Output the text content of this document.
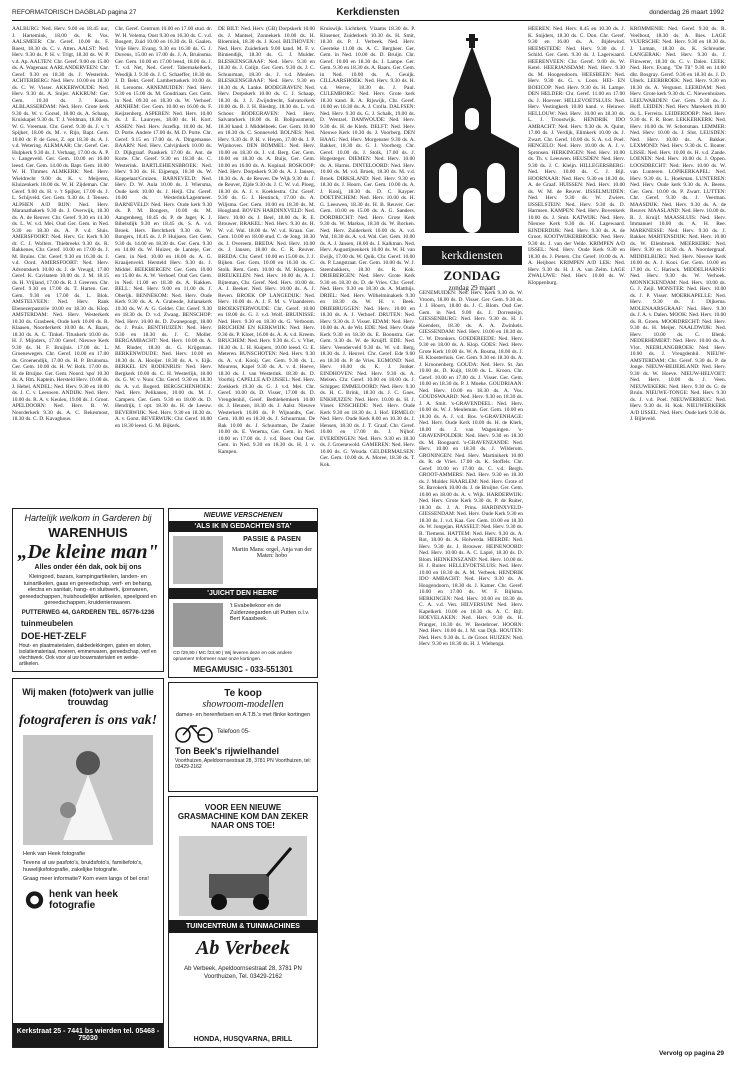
REFORMATORISCH DAGBLAD pagina 27	Kerkdiensten	donderdag 26 maart 1992

AALBURG: Ned. Herv. 9.00 en 18.45 uur, J. Hartemink, 18.00 ds. R. Vos. AALSMEER: Chr. Geref. 10.00 ds. F. Roest, 18.30 ds. C. v. Atten. AALST: Ned. Herv. 9.30 ds. P. H. v. Trigt, 18.30 ds. W. P. v.d. Ap. AALTEN: Chr. Geref. 9.00 en 15.00 ds. A. Wagenaar. AARLANDERVEEN: Chr. Geref. 9.30 en 18.30 ds. J. Westerink. ACHTERBERG: Ned. Herv. 10.00 en 18.30 ds. C. W. Visser. AKKERWOUDE: Ned. Herv. 9.30 ds. A. Snijer. AKKRUM: Ger. Gem. 10.30 ds. J. Kuera. ALBLASSERDAM: Ned. Herv. Grote kerk 9.30 ds. W. v. Gorsel, 18.00 ds. A. Schaap, Kruiskapel 9.30 ds. T. J. Veldman, 18.00 ds. W. G. Vreeman. Chr. Geref. 9.30 ds. J. v. 't Spijker, 18.00 ds. M. v. Rijn, Bapt. Gem. 10.00 dr. P. de Geus, Z. opt 18.30 ds. A. J. v.d. Wetering. ALKMAAR: Chr. Geref. Ger. Hulpkerk 9.30 ds. J. Verhaag, 17.00 ds. A. P. v. Langeveld. Ger. Gem. 10.00 en 16.00 leesd. Ger. Gem. 14.00 ds. Bapt. Gem. 10.00 W. H. Timmer. ALMKERK: Ned. Herv. Wieldrecht 9.00 ds. K. v. Meijeren, Kluizenkerk 18.00 ds. W. H. Zijdeman. Chr. Geref. 9.00 ds. H. v. 't Spijker, 17.00 ds. J. L. Schijveld. Ger. Gem. 9.30 ds. J. Tensen. ALPHEN A/D RIJN: Ned. Herv. Maranathakerk 9.30 ds. J. Overwijk, 18.30 ds. A. de Reuver. Chr. Geref. 9.30 en 14.30 ds. L. W. v.d. Mei. Oud Ger. Gem. in Ned. 9.30 en 18.30 ds. A. P. v.d. Sluis. AMERSFOORT: Ned. Herv. Gr. Kerk 9.30 dr. C. J. Wolters. Thiebreeks 9.30 ds. R. Bakkenes, Chr. Geref. 10.00 en 17.00 ds. J. M. Bruins. Chr. Geref. 9.30 en 16.30 ds. J. v.d. Oord. AMERSFOORT: Ned. Herv. Adventskerk 10.00 ds. J. de Vreugd, 17.00 Geref. K. Cavitatem 10.00 ds. J. M. 18.15 ds. H. Vrijland, 17.00 ds. R. J. Greeven. Chr. Geref. 9.30 en 17.00 ds. T. Harten. Ger. Gem. 9.30 en 17.00 ds. L. Blok. AMSTELVEEN: Ned. Herv. Rank Ebenezerpastorie 10.00 en 18.30 ds. Klop. AMSTERDAM: Ned. Herv. Westerkerk 10.30 ds. Grasbeek, Oude kerk 10.00 ds. R. Klaasen, Noorderkerk 10.00 ds. A. Baars, 18.30 ds. A. C. Tinkel. Tituskerk 10.00 ds. H. J. Mijnders, 17.00 Geref. Nieuwe Kerk 9.30 ds. H. F. Bruijnis. 17.00 ds. L. Groenewegen. Chr. Geref. 10.00 en 17.00 ds. Groenendijk, 17.00 ds. H. P. Bruinsma. Ger. Gem. 10.00 ds. H. W. Bolk. 17.00 ds. H. de Bruijne. Ger. Gem. Noord. 'spo' 10.30 ds. A. Hm. Kaptein. Hersteld Herv. 10.00 ds. J. Hebel. ANDEL: Ned. Herv. 9.30 en 18.00 ds. J. C. v. Leeuwen. ANDIJK: Ned. Herv. 10.00 ds. R. A. v. Keulen, 19.00 ds. J. Groot. APELDOORN: Ned. Herv. B. W. Noorderkerk 9.30 ds. A. C. Bekesmost, 18.30 ds. C. D. Kavaghous.

Chr. Geref. Centrum 10.00 en 17.00 stud. dr. W. H. Velema, Oost 9.30 en 16.30 ds. C. v.d. Bosgert, Zuid 10.00 en 16.30 ds. B. Gaalen. Vrije Herv. Evang. 9.30 en 16.30 ds. G. J. Duvens, 15.00 en 17.00 ds. J. A. Bruinsma. Ger. Gem. 10.00 en 17.00 leesd, 18.00 ds. J. T. v.d. Net, Ned. Geref. Tabernakelkerk, Wesdijk J. 9.30 ds. J. C. Schaeffer, 18.30 ds. J. D. Bekt. Geref. Lambertuskerk 10.00 ds. H. Lerooms. ARNEMUIDEN: Ned. Herv. 9.30 en 15.00 ds. M. Goudriaan. Ger. Gem. in Ned. 09.30 en 18.30 ds. W. Verhoef. ARNHEM: Ger. Gem. 10.00 en 16.00 ds. F. Keijzenberg. ASPEREN: Ned. Herv. 10.00 ds. J. E. Laureyes, 18.00 ds. H. Kort. ASSEN: Ned. Herv. Jozefkp. 10.00 ds. M. D. Porte. Andere 17.00 ds. M. D. Porte. Chr. Geref. 9.15 en 17.00 ds. A. Dingemanse. BAARN: Ned. Herv. Calvijnkerk 10.00 ds. D. Dijkgraaf. Paaskerk 17.00 ds. Ant. de Korte. Chr. Geref. 9.30 en 18.30 ds. C. Westerink. BARTLEHIENSBROEK: Ned. Herv. 9.30 ds. H. Eijpenga, 18.30 ds. W. Koppelaar/Gruizen. BARNEVELD: Ned. Herv. D. W. Aula 10.00 ds. J. Wiersma, Oude kerk 10.00 ds. J. Heijl. Chr. Geref. 10.00 ds. Westerink/Lagenmeer. BARNEVELD: Ned. Herv. Oude kerk 9.30 ds. P. M. Bongers, 10.00 ds. M. Aangenheeg, 18.45 ds. P. de Jager, K. J. Bibelsdijk 9.30 en 18.45 ds. S. A. v.d. Broek. Herv. Berchtkerk 9.30 ds. W. Bongers, 18.45 ds. J. P. Huijsers. Ger. Gem. 9.30 ds. 14.00 en 18.30 ds. Ger. Gem. 9.30 en 14.00 ds. W. Huizer, de Lanteje, Ger. Gem. in Ned. 10.00 en 18.00 ds. A. G. Kraaijenveld. Hersteld Herv. 9.30 ds. J. Middel. BEEKBERGEN: Ger. Gem. 10.00 en 15.00 ds. A. W. Verhoef. Oud Ger. Gem. in Ned. 11.00 en 18.30 ds. A. Kakken. BELL: Ned. Herv. 9.00 en 11.00 ds. J. Oberijk. BENNEKOM: Ned. Herv. Oude Kerk 9.30 ds. A. A. Grabesde, Julianakerk 10.30 ds. W. A. G. Gelder. Chr. Geref. 9.30 en 18.30 ds. D. v.d. Zwaag. BENSCHOP: Ned. Herv. 10.00 ds. D. Zwanepoogt, 18.00 ds. J. Pruis. BENTHUIZEN: Ned. Herv. 9.30 en 18.30 ds. J. C. Moller. BERGAMBACHT: Ned. Herv. 10.00 ds. A. M. Rinder, 18.30 ds. G. Krijgsman. BERKENWOUDE: Ned. Herv. 10.00 en 18.30 ds. A. Hooijer. 18.30 ds. A. v. Eijk. BERKEL EN RODENRIJS: Ned. Herv. Bergkerk 10.00 ds. C. H. Westerlijk, 18.00 ds. G. W. v. Nuur. Chr. Geref. 9.30 en 18.30 ds. A. v.d. Bogerd. BERGSCHENHOEK: Ned. Herv. Pelikanen, 10.00 ds. M. J. Campers. Ger. Gem. 9.30 en 18.00 ds. D. Hendrijk, 1 opt. 18.30 ds. H. de Leeuw. BEVERWIJK: Ned. Herv. 9.30 en 18.30 ds. A. v. Gorst. BEVERWIJK: Chr. Geref. 10.00 en 18.30 leesd. G. M. Bijkerk.

DE BILT: Ned. Herv. (GB) Dorpskerk 10.00 ds. J. Mantsel, Zonnekerk 10.00 ds. H. Bloemink, 18.30 ds. J. Kool. BILTHOVEN: Ned. Herv. Zuiderkerk 9.00 kand. M. F. v. Binnendijk, 18.30 ds. G. J. Mulder. BLESKENSGRAAF: Ned. Herv. 9.30 en 18.30 ds. J. Colijn. Ger. Gem. 9.30 ds. J. C. Schuurman, 18.30 ds. J. v.d. Meulen. BLESKENSGRAAF: Ned. Herv. 9.30 en 18.30 ds. A. Lanke. BODEGRAVEN: Ned. Herv. Dorpskerk 10.00 ds. C. J. Schaap, 18.30 ds. J. J. Zwijndrecht, Salvatorkerk 10.00 ds. B. J. H. Biesbrg. 18.30 ds. L. v.d. Schoor. BODEGRAVEN: Ned. Herv. Salvatorkerk 18.00 ds. B. Bolijnsumend, 18.30 kand. J. Middelbeek. Ger. Gem. 10.00 en 18.30 ds. C. Sonneveld. BOLNES: Ned. Herv. 9.30 ds. P. H. v. Heyen, 17.00 ds. J. P. Wijnhoven. DEN BOMMEL: Ned. Herv. 10.00 en 18.30 ds. J. v.d. Berg. Ger. Gem. 10.00 en 18.30 ds. A. Buijs, Ger. Gem. 10.00 en 16.00 ds. A. Kopinal. BOSKOOP: Ned. Herv. Dorpskerk 9.30 ds. A. J. Jansen, 18.30 ds. A. de Reuver. De Wijk 9.30 ds. J. de Reuver, Zijde 9.30 ds. J. C. W. v.d. Ploeg, 18.30 ds. A. J. v. Koeklestra. Chr. Geref. 9.30 ds. G. J. Heutinck, 17.00 ds. A. Wiljsma. Ger. Gem. 10.00 en 18.30 ds. M. Hoogland. BOVEN HARDINXVELD: Ned. Herv. 10.00 ds. J. Beel, 18.00 ds. R. E. Brouwer. BRAKEL: Ned. Herv. 9.30 ds. H. W. v.d. Wal. 18.00 ds. W. v.d. Kraan. Ger. Gem. 10.00 en 18.00 stud. C. de Jong. 18.30 ds. J. Overeem. BREDA: Ned. Herv. 10.00 ds. J. Jansen, 18.00 ds. C. R. Reuver. BREDA: Chr. Geref. 10.00 en 15.00 ds. J. J. Rijken. Ger. Gem. 10.00 en 16.30 ds. C. Stolk. Rem. Gem. 10.00 ds. M. Kloppers. BREUKELEN: Ned. Herv. 10.00 ds. A. J. Bijteman, Chr. Geref. Ned. Herv. 10.00 ds. A. J. Beeker. Ned. Herv. 10.00 ds. A. J. Reven. BROEK OP LANGEDIJK: Ned. Herv. 10.00 ds. A. J. F. M. v. Vlaanderen. BROEKSTERWOUDE: Chr. Geref. 10.00 en 18.00 ds. G. J. v.d. Wolf. BRUINISSE: Ned. Herv. 9.30 en 18.30 ds. G. Verboom. BRUCHEM EN KERKWIJK: Ned. Herv. 9.30 ds. P. Kloet, 16.00 ds. A. A. v.d. Kreem. BRUCHEM: Ned. Herv. 9.30 ds. C. v. Vliet, 18.30 ds. L. H. Kuipers, 10.00 leesd. G. E. Meteren. BUNSCHOTEN: Ned. Herv. 9.30 ds. A. v.d. Kooij. Ger. Gem. 9.30 ds. L. Mourens, Kapel 9.30 ds. A. v. d. Hoeve, 18.30 ds. J. van Westerink. 18.30 ds. D. Voorbij. CAPELLE A/D IJSSEL: Ned. Herv. Zoekkerk 19.30 ds. G. J. v.d. Mei. Chr. Geref. 10.00 ds. D. Visser, 17.00 ds. D. Vreugdenhil, Geref. Bethlehemkerk 10.00 ds. J. Heunen, 18.30 ds. J. Aalst. Nieuwe Westerkerk 10.00 ds. P. Wijnandts, Ger. Gem. 10.00 en 18.30 ds. J. Schuurman. De Bak 10.00 ds. J. Schuurman, De Zaaier 10.00 ds. E. Venema, Ger. Gem. in Ned. 10.00 en 17.00 ds. J. v.d. Boer. Oud Ger. Gem. in Ned. 9.30 en 18.30 ds. H. J. v. Kampen.

Kruiswijk. Lichtkerk. Vlaams 18.30 ds. P. Klusener, Zuiderkerk 10.30 ds. H. Smit, 18.30 ds. P. J. Verbeek. Ned. Herv. Geerteke 11.00 ds. A. C. Bergheer. Ger. Gem. in Ned. 10.00 ds. D. Bruijn. Chr. Geref. 10.00 en 18.30 ds. J. Lampe. Ger. Gem. 9.30 en 18.30 ds. A. Baars. Ger. Gem. in Ned. 10.00 ds. A. Geuijk. CILLAARSHOEK: Ned. Herv. 9.30 ds. H. v.d. Werve, 18.30 ds. J. Paul. CULEMBORG: Ned. Herv. Grote kerk 18.30 kand. R. A. Rijswijk, Chr. Geref. 10.00 en 16.30 ds. A. J. Crolla. DALFSEN: Ned. Herv. 9.30 ds. G. J. Schalk, 19.00 ds. D. Wentzel. DAMWOUDE: Ned. Herv. 9.30 ds. H. de Klerk. DELFT: Ned. Herv. Nieuwe Kerk 10.30 ds. J. Voorberg. DEN HAAG: Ned. Herv. Morgenster 9.30 ds. A. Bakker, 18.30 ds. G. J. Voorberg. Chr. Geref. 10.00 ds. J. Stolk, 17.00 ds. J. Hogesteger. DIEMEN: Ned. Herv. 10.00 ds. A. Harms. DINTELOORD: Ned. Herv. 10.00 ds. M. v.d. Broek, 18.30 ds. M. v.d. Broek. DIRKSLAND: Ned. Herv. 9.30 en 18.30 ds. J. Hoorn. Ger. Gem. 10.00 ds. A. J. Kooij, 18.30 ds. D. C. Kayper. DOETINCHEM: Ned. Herv. 10.00 ds. H. G. Leeuwen, 18.30 ds. H. B. Reuver. Ger. Gem. 10.00 en 15.00 ds. A. G. Sanders. DORDRECHT: Ned. Herv. Grote Kerk 9.30 ds. W. Markus, 18.30 ds. W. Bocken. Ned. Herv. Zuiderkerk 10.00 ds. A. v.d. Wal, 18.30 ds. A. v.d. Wal. Ger. Gem. 10.00 ds. A. J. Jansen, 18.00 ds. J. Kalkman. Ned. Herv. Augustijnenkerk 10.00 ds. W. H. van Ewijk, 17.00 ds. W. Quik. Chr. Geref. 10.00 ds. P. Langstraat. Ger. Gem. 10.00 ds. W. J. Steenbakkers, 18.30 ds. R. Kok. DRIEBERGEN: Ned. Herv. Grote Kerk 9.30 en 18.30 ds. D. de Vries. Chr. Geref. Ned. Herv. 9.30 en 18.30 ds. A. Matthijs. DRIEL: Ned. Herv. Wilhelminakerk 9.30 en 18.30 ds. W. H. v. Beek. DRIEBRUGGEN: Ned. Herv. 10.00 en 18.30 ds. A. J. Verhoef. DRUTEN: Ned. Herv. 9.30 ds. J. Visser. EDAM: Ned. Herv. 10.00 ds. A. de Wit. EDE: Ned. Herv. Oude Kerk 9.30 en 18.30 ds. E. Boonstra. Ger. Gem. 9.30 ds. W. de Kruijff. EDE: Ned. Herv. Veenderveld 9.30 ds. W. v.d. Berg, 18.30 ds. J. Heuvel. Chr. Geref. Ede 9.00 en 18.30 ds. P. de Vries. EGMOND: Ned. Herv. 10.00 ds. K. J. Jonker. EINDHOVEN: Ned. Herv. 9.30 ds. A. Melsen. Chr. Geref. 10.00 en 18.00 ds. J. Schipper. EMMELOORD: Ned. Herv. 9.30 ds. H. C. Brink, 18.30 ds. J. C. Goes. ENKHUIZEN: Ned. Herv. 10.00 ds. H. J. Visser. ENSCHEDE: Ned. Herv. Oude Kerk 9.30 en 18.30 ds. J. Hof. ERMELO: Ned. Herv. Oude Kerk 8.00 en 10.30 ds. J. Hensen, 18.30 ds. J. T. Graaf. Chr. Geref. 10.00 en 17.00 ds. J. Nijhof. EVERDINGEN: Ned. Herv. 9.30 en 18.30 ds. J. Groenewold. GAMEREN: Ned. Herv. 10.00 ds. G. Wouda. GELDERMALSEN: Ger. Gem. 10.00 ds. A. Moree, 18.30 ds. T. Kok.

kerkdiensten
ZONDAG
zondag 29 maart

GENEMUIDEN: Ned. Herv. Kerk 9.30 ds. W. Vroom, 18.00 ds. D. Visser. Ger. Gem. 9.30 ds. J. J. Hoorn, 18.00 ds. J. C. Blom. Oud Ger. Gem. in Ned. 9.00 ds. J. Dorresteijn. GIESSENBURG: Ned. Herv. 9.30 ds. H. J. Koenders, 18.30 ds. A. A. Zwinkels. GIESSENDAM: Ned. Herv. 10.00 en 18.30 ds. C. W. Dronkers. GOEDEREEDE: Ned. Herv. 9.30 en 18.00 ds. A. Klop. GOES: Ned. Herv. Grote Kerk 10.00 ds. W. A. Bosma, 18.00 ds. J. H. Kloosterhuis. Ger. Gem. 9.30 en 18.30 ds. A. J. Kroonenberg. GOUDA: Ned. Herv. St. Jan 10.00 ds. D. Kuijt, 18.00 ds. L. Kroon. Chr. Geref. 10.00 en 17.00 ds. J. Visser. Ger. Gem. 10.00 en 18.30 ds. P. J. Moeke. GOUDRIAAN: Ned. Herv. 10.00 en 18.30 ds. A. Vos. GOUDSWAARD: Ned. Herv. 9.30 en 18.30 ds. J. A. Smit. 's-GRAVENDEEL: Ned. Herv. 10.00 ds. W. J. Meuleman. Ger. Gem. 10.00 en 18.30 ds. A. J. v.d. Bos. 's-GRAVENHAGE: Ned. Herv. Oude Kerk 10.00 ds. H. de Klerk, 18.00 ds. J. van Wageningen. 's-GRAVENPOLDER: Ned. Herv. 9.30 en 18.30 ds. M. Boogaard. 's-GRAVENZANDE: Ned. Herv. 10.00 en 18.30 ds. J. Wilderom. GRONINGEN: Ned. Herv. Martinikerk 10.00 ds. R. de Vries. 17.00 ds. K. Stoffels. Chr. Geref. 10.00 en 17.00 ds. C. v.d. Bergh. GROOT-AMMERS: Ned. Herv. 9.30 en 18.30 ds. J. Mulder. HAARLEM: Ned. Herv. Grote of St. Bavokerk 10.00 ds. J. de Bruijne. Ger. Gem. 10.00 en 18.00 ds. A. v. Wijk. HARDERWIJK: Ned. Herv. Grote Kerk 9.30 ds. P. de Ruiter, 18.30 ds. J. A. Prins. HARDINXVELD-GIESSENDAM: Ned. Herv. Oude Kerk 9.30 en 18.30 ds. J. v.d. Kaa. Ger. Gem. 10.00 en 18.30 ds. W. Jongejan. HASSELT: Ned. Herv. 9.30 ds. R. Tiemens. HATTEM: Ned. Herv. 9.30 ds. A. Rot, 18.00 ds. A. Holwerda. HEERDE: Ned. Herv. 9.30 ds. J. Brouwer. HEINENOORD: Ned. Herv. 10.00 ds. A. C. Lapré, 18.30 ds. D. Blom. HEINKENSZAND: Ned. Herv. 10.00 ds. H. J. Ruiter. HELLEVOETSLUIS: Ned. Herv. 10.00 en 18.30 ds. A. M. Verbeek. HENDRIK IDO AMBACHT: Ned. Herv. 9.30 ds. A. Hoogendoorn, 18.30 ds. J. Kamer. Chr. Geref. 10.00 en 17.00 ds. W. F. Bijlsma. HERKINGEN: Ned. Herv. 10.00 en 18.30 ds. C. A. v.d. Ven. HILVERSUM: Ned. Herv. Kapelkerk 10.00 en 18.30 ds. A. C. Bijl. HOEVELAKEN: Ned. Herv. 9.30 ds. H. Pranger, 18.30 ds. W. Bestebroer. HOORN: Ned. Herv. 10.00 ds. J. M. van Dijk. HOUTEN: Ned. Herv. 9.30 ds. L. de Groot. HUIZEN: Ned. Herv. 9.30 en 18.30 ds. H. J. Wiebenga.

HEEREN: Ned. Herv. 8.45 en 10.30 ds. J. K. Snijders, 18.30 ds. C. Don. Chr. Geref. 9.30 en 16.00 ds. A. Bijdewind. HEEMSTEDE: Ned. Herv. 9.30 ds. J. Schild. Ger. Gem. 9.30 ds. J. Lagerwaard. HEERENVEEN: Chr. Geref. 9.00 ds. W. Ketel. HEERJANSDAM: Ned. Herv. 9.30 ds. M. Hoogendoorn. HEESBEEN: Ned. Herv. 9.30 ds. G. v. Loon. HEI- EN BOEICOP: Ned. Herv. 9.30 ds. H. Lampe. DEN HELDER: Chr. Geref. 11.00 en 17.00 ds. J. Hoeveer. HELLEVOETSLUIS: Ned. Herv. Vestingkerk 10.00 kand. v. Heiuwe. HELLOUW: Ned. Herv. 10.00 en 18.30 ds. L. J. Troostwijk. HENDRIK IDO AMBACHT: Ned. Herv. 9.30 ds. A. Quint, 17.00 ds. J. Verdijk, Elimkerk 10.00 ds. J. Zwart. Chr. Geref. 10.00 ds. S. A. v.d. Poel. HENGELO: Ned. Herv. 10.00 ds. A. J. v. Spronsen. HERKINGEN: Ned. Herv. 10.00 ds. Th. v. Leeuwen. HEUSDEN: Ned. Herv. 9.30 ds. J. C. Kleijn. HILLEGERSBERG: Ned. Herv. 10.00 ds. C. J. Bijl. HOORNAAR: Ned. Herv. 9.30 en 18.30 ds. A. de Graaf. HUISSEN: Ned. Herv. 10.00 ds. W. M. de Reuver. IJSSELMUIDEN: Ned. Herv. 9.30 ds. W. Zwiers. IJSSELSTEIN: Ned. Herv. 9.30 ds. D. Harmsen. KAMPEN: Ned. Herv. Bovenkerk 10.00 ds. J. Smit. KATWIJK: Ned. Herv. Nieuwe Kerk 9.30 ds. H. Lagewaard. KINDERDIJK: Ned. Herv. 9.30 ds. A. de Groot. KOOTWIJKERBROEK: Ned. Herv. 9.30 ds. J. van der Velde. KRIMPEN A/D IJSSEL: Ned. Herv. Oude Kerk 9.30 en 18.30 ds. J. Pieters. Chr. Geref. 10.00 ds. A. A. Heijboer. KRIMPEN A/D LEK: Ned. Herv. 9.30 ds. H. J. A. van Zelm. LAGE ZWALUWE: Ned. Herv. 10.00 ds. W. Kloppenburg.

KROMMENIE: Ned. Geref. 9.30 ds. R. Veelbout, 18.30 ds. A. Bies. LAGE VUURSCHE: Ned. Herv. 9.30 en 18.30 ds. J. Loman, 18.30 ds. K. Schreuder. LANGERAK: Ned. Herv. 9.30 ds. J. Flinwerer, 18.30 ds. C. v. Dalen. LEEK: Ned. Herv. Evang. "De Til" 9.30 en 14.00 dhr. Bosgray. Geref. 9.30 en 18.30 ds. J. D. Uiterk. LEERBROEK: Ned. Herv. 9.30 en 18.30 ds. A. Vergunst. LEERDAM: Ned. Herv. Grote kerk 9.30 ds. C. Niewenhuizen. LEEUWARDEN: Ger. Gem. 9.30 ds. J. Hoff. LEIDEN: Ned. Herv. Marekerk 10.00 ds. L. Ferreira. LEIDERDORP: Ned. Herv. 9.30 ds. F. R. Boer. LEKKERKERK: Ned. Herv. 10.00 ds. W. Schotsman. LEMMER: Ned. Herv. 10.00 ds. J. Slot. LEUSDEN: Ned. Herv. 10.00 ds. A. Bakker. LEXMOND: Ned. Herv. 9.30 ds. C. Bouter. LISSE: Ned. Herv. 10.00 ds. H. v.d. Zande. LOENEN: Ned. Herv. 10.00 ds. J. Oppen. LOOSDRECHT: Ned. Herv. 10.00 ds. W. van Lunteren. LOPIKERKAPEL: Ned. Herv. 9.30 ds. L. Hoekman. LUNTEREN: Ned. Herv. Oude kerk 9.30 ds. A. Beens. Ger. Gem. 10.00 ds. P. Zwart. LUTTEN: Chr. Geref. 9.30 ds. J. Veerman. MAASDIJK: Ned. Herv. 9.30 ds. A. de Reuver. MAASLAND: Ned. Herv. 10.00 ds. R. J. Kruijf. MAASSLUIS: Ned. Herv. Immanuel 10.00 ds. A. H. Ree. MARKNESSE: Ned. Herv. 9.30 ds. J. Bakker. MARTENSDIJK: Ned. Herv. 10.00 ds. W. Ellenbroek. MEERKERK: Ned. Herv. 9.30 en 18.30 ds. A. Noordergraaf. MIDDELBURG: Ned. Herv. Nieuwe Kerk 10.00 ds. A. J. Kooi. Ger. Gem. 10.00 en 17.00 ds. C. Harinck. MIDDELHARNIS: Ned. Herv. 9.30 ds. W. Verhoek. MONNICKENDAM: Ned. Herv. 10.00 ds. G. J. Zeijl. MONSTER: Ned. Herv. 10.00 ds. J. P. Visser. MOERKAPELLE: Ned. Herv. 9.30 ds. J. Dijkema. MOLENAARSGRAAF: Ned. Herv. 9.30 ds. J. A. v. Dalen. MOOK: Ned. Herv. 10.00 ds. R. Groen. MOORDRECHT: Ned. Herv. 9.30 ds. H. Meijer. NAALDWIJK: Ned. Herv. 10.00 ds. C. Blenk. NEDERHEMERT: Ned. Herv. 10.00 ds. A. Vlot. NEERLANGBROEK: Ned. Herv. 10.00 ds. J. Vreugdenhil. NIEUW-AMSTERDAM: Chr. Geref. 9.30 ds. P. de Jonge. NIEUW-BEIJERLAND: Ned. Herv. 9.30 ds. W. Hoeve. NIEUW-HELVOET: Ned. Herv. 10.00 ds. J. Veen. NIEUWEKERK: Ned. Herv. 9.30 ds. G. de Bruin. NIEUWE-TONGE: Ned. Herv. 9.30 ds. J. v.d. Poel. NIEUWERBRUG: Ned. Herv. 9.30 ds. H. Kok. NIEUWERKERK A/D IJSSEL: Ned. Herv. Oude kerk 9.30 ds. J. Bijleveld.

Hartelijk welkom in Garderen bij
WARENHUIS
„De kleine man"
Alles onder één dak, ook bij ons
Kleingoed, bazars, kampingartikelen, landen- en tuinartikelen, gaas en gereedschap, verf- en behang, electra en sanitair, hang- en sluitwerk, ijzerwaren, gereedschappen, huishoudelijke artikelen, speelgoed en gereedschappen, kruidenierswaren.
PUTTERWEG 44, GARDEREN TEL. 05776-1236
tuinmeubelen
DOE-HET-ZELF
Hout- en plaatmaterialen, dakbedekkingen, gaten en sloten, isolatiemateriaal, moeren, emmerwaren, gereedschap, verf en vlechtwerk. Ook voor al uw bouwmaterialen en weide-artikelen.
Wij maken (foto)werk van jullie trouwdag
fotograferen is ons vak!
Henk van Heek fotografie
Tevens al uw pasfoto's, bruidsfoto's, familiefoto's, huwelijksfotografie, zakelijke fotografie.
Graag meer informatie? Kom even langs of bel ons!
henk van heek fotografie
Kerkstraat 25 - 7441 bs wierden tel. 05468 - 75030
NIEUWE VERSCHENEN
'ALS IK IN GEDACHTEN STA'
PASSIE & PASEN
Martin Mans: orgel, Anja van der Maten: hobo
'JUICHT DEN HEERE'
't Evabeliekoor en de Zuiderzeegarden uit Putten o.l.v. Bert Kaasbeek.
CD f29,90 / MC f23,90 | Wij leveren deze en ook andere opnamen! Informeer naar onze kortingen.
MEGAMUSIC - 033-551301
Te koop
showroom-modellen
dames- en herenfietsen en A.T.B.'s met flinke kortingen
Telefoon 05-
Ton Beek's rijwielhandel
Voorthuizen, Apeldoornsestraat 28, 3781 PN Voorthuizen, tel: 03429-2162
VOOR EEN NIEUWE GRASMACHINE KOM DAN ZEKER NAAR ONS TOE!
TUINCENTRUM & TUINMACHINES
Ab Verbeek
Ab Verbeek, Apeldoornsestraat 28, 3781 PN Voorthuizen, Tel. 03429-2162
HONDA, HUSQVARNA, BRILL
Vervolg op pagina 29
